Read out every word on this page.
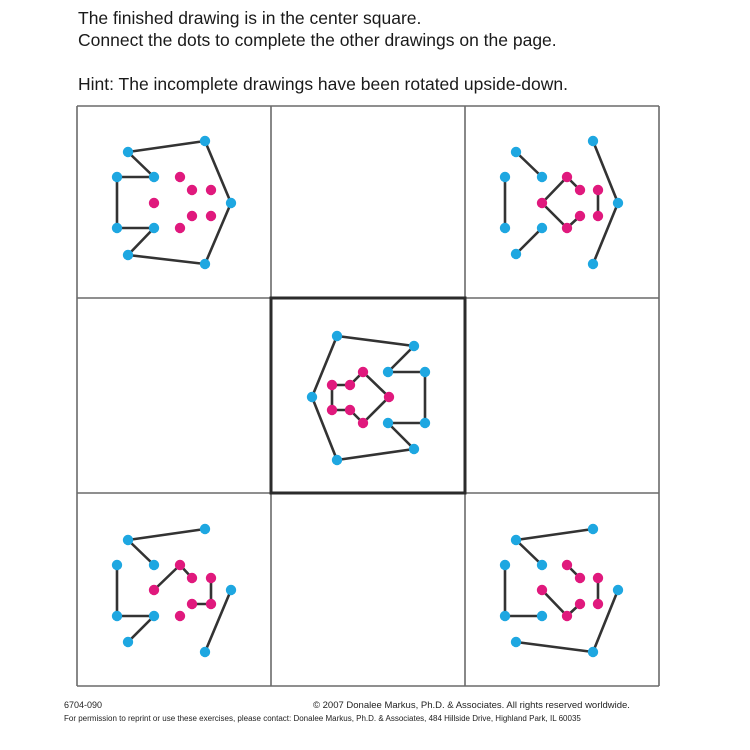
The finished drawing is in the center square.
Connect the dots to complete the other drawings on the page.
Hint: The incomplete drawings have been rotated upside-down.
6704-090	© 2007 Donalee Markus, Ph.D. & Associates. All rights reserved worldwide.
For permission to reprint or use these exercises, please contact: Donalee Markus, Ph.D. & Associates, 484 Hillside Drive, Highland Park, IL 60035
